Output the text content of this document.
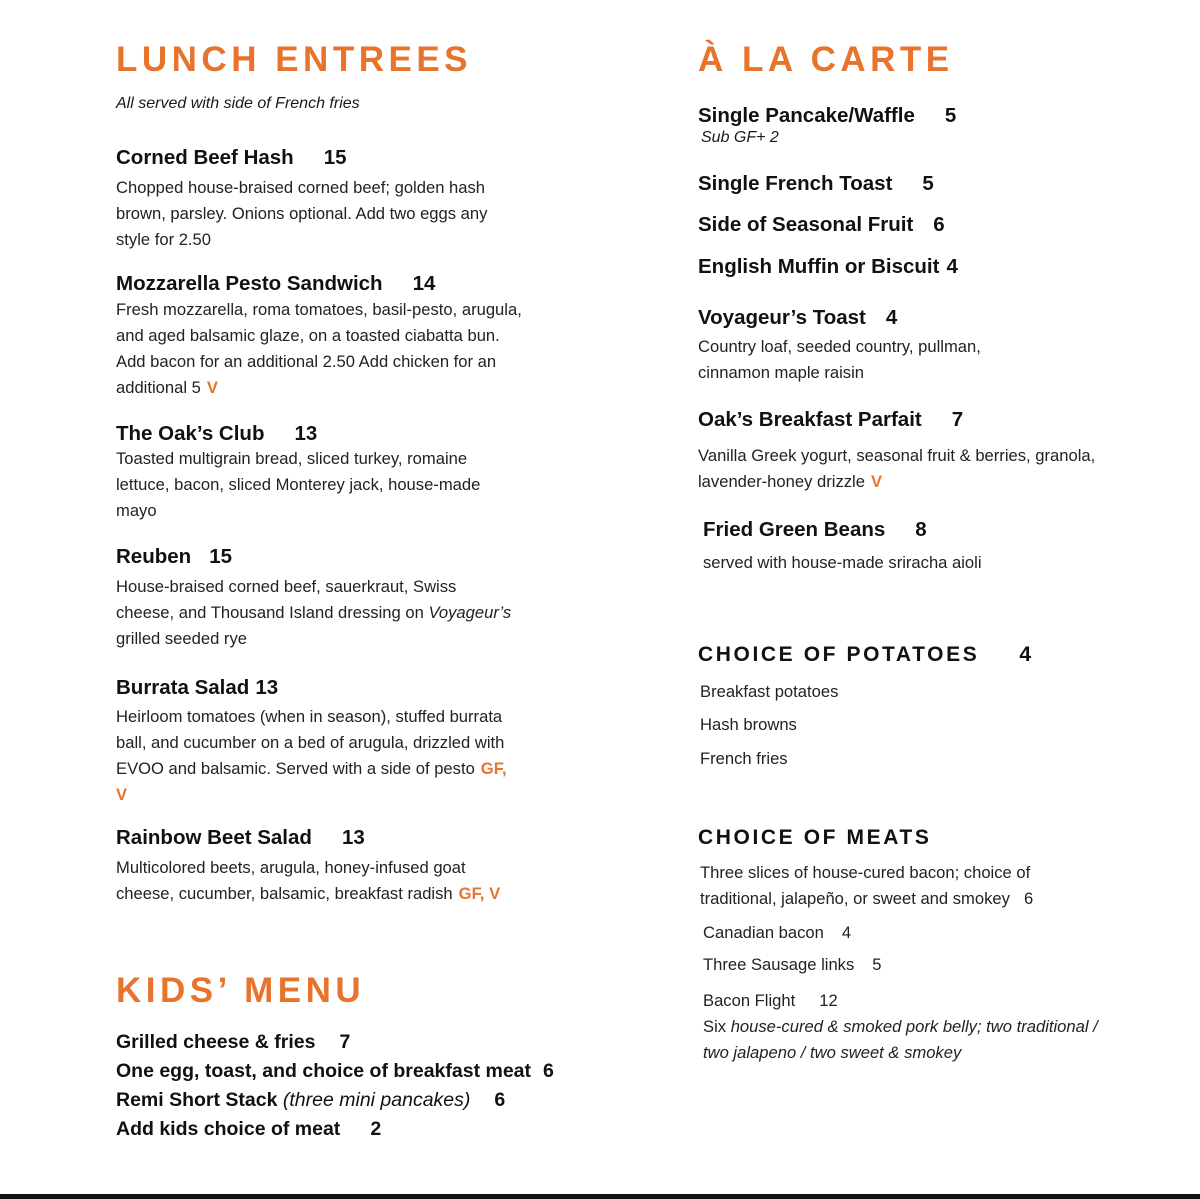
LUNCH ENTREES
All served with side of French fries
Corned Beef Hash 15
Chopped house-braised corned beef; golden hash brown, parsley. Onions optional. Add two eggs any style for 2.50
Mozzarella Pesto Sandwich 14
Fresh mozzarella, roma tomatoes, basil-pesto, arugula, and aged balsamic glaze, on a toasted ciabatta bun. Add bacon for an additional 2.50 Add chicken for an additional 5 V
The Oak’s Club 13
Toasted multigrain bread, sliced turkey, romaine lettuce, bacon, sliced Monterey jack, house-made mayo
Reuben 15
House-braised corned beef, sauerkraut, Swiss cheese, and Thousand Island dressing on Voyageur’s grilled seeded rye
Burrata Salad 13
Heirloom tomatoes (when in season), stuffed burrata ball, and cucumber on a bed of arugula, drizzled with EVOO and balsamic. Served with a side of pesto GF, V
Rainbow Beet Salad 13
Multicolored beets, arugula, honey-infused goat cheese, cucumber, balsamic, breakfast radish GF, V
KIDS’ MENU
Grilled cheese & fries 7
One egg, toast, and choice of breakfast meat 6
Remi Short Stack (three mini pancakes) 6
Add kids choice of meat 2
À LA CARTE
Single Pancake/Waffle 5
Sub GF+ 2
Single French Toast 5
Side of Seasonal Fruit 6
English Muffin or Biscuit 4
Voyageur’s Toast 4
Country loaf, seeded country, pullman, cinnamon maple raisin
Oak’s Breakfast Parfait 7
Vanilla Greek yogurt, seasonal fruit & berries, granola, lavender-honey drizzle V
Fried Green Beans 8
served with house-made sriracha aioli
CHOICE OF POTATOES 4
Breakfast potatoes
Hash browns
French fries
CHOICE OF MEATS
Three slices of house-cured bacon; choice of traditional, jalapeño, or sweet and smokey 6
Canadian bacon 4
Three Sausage links 5
Bacon Flight 12
Six house-cured & smoked pork belly; two traditional / two jalapeno / two sweet & smokey
